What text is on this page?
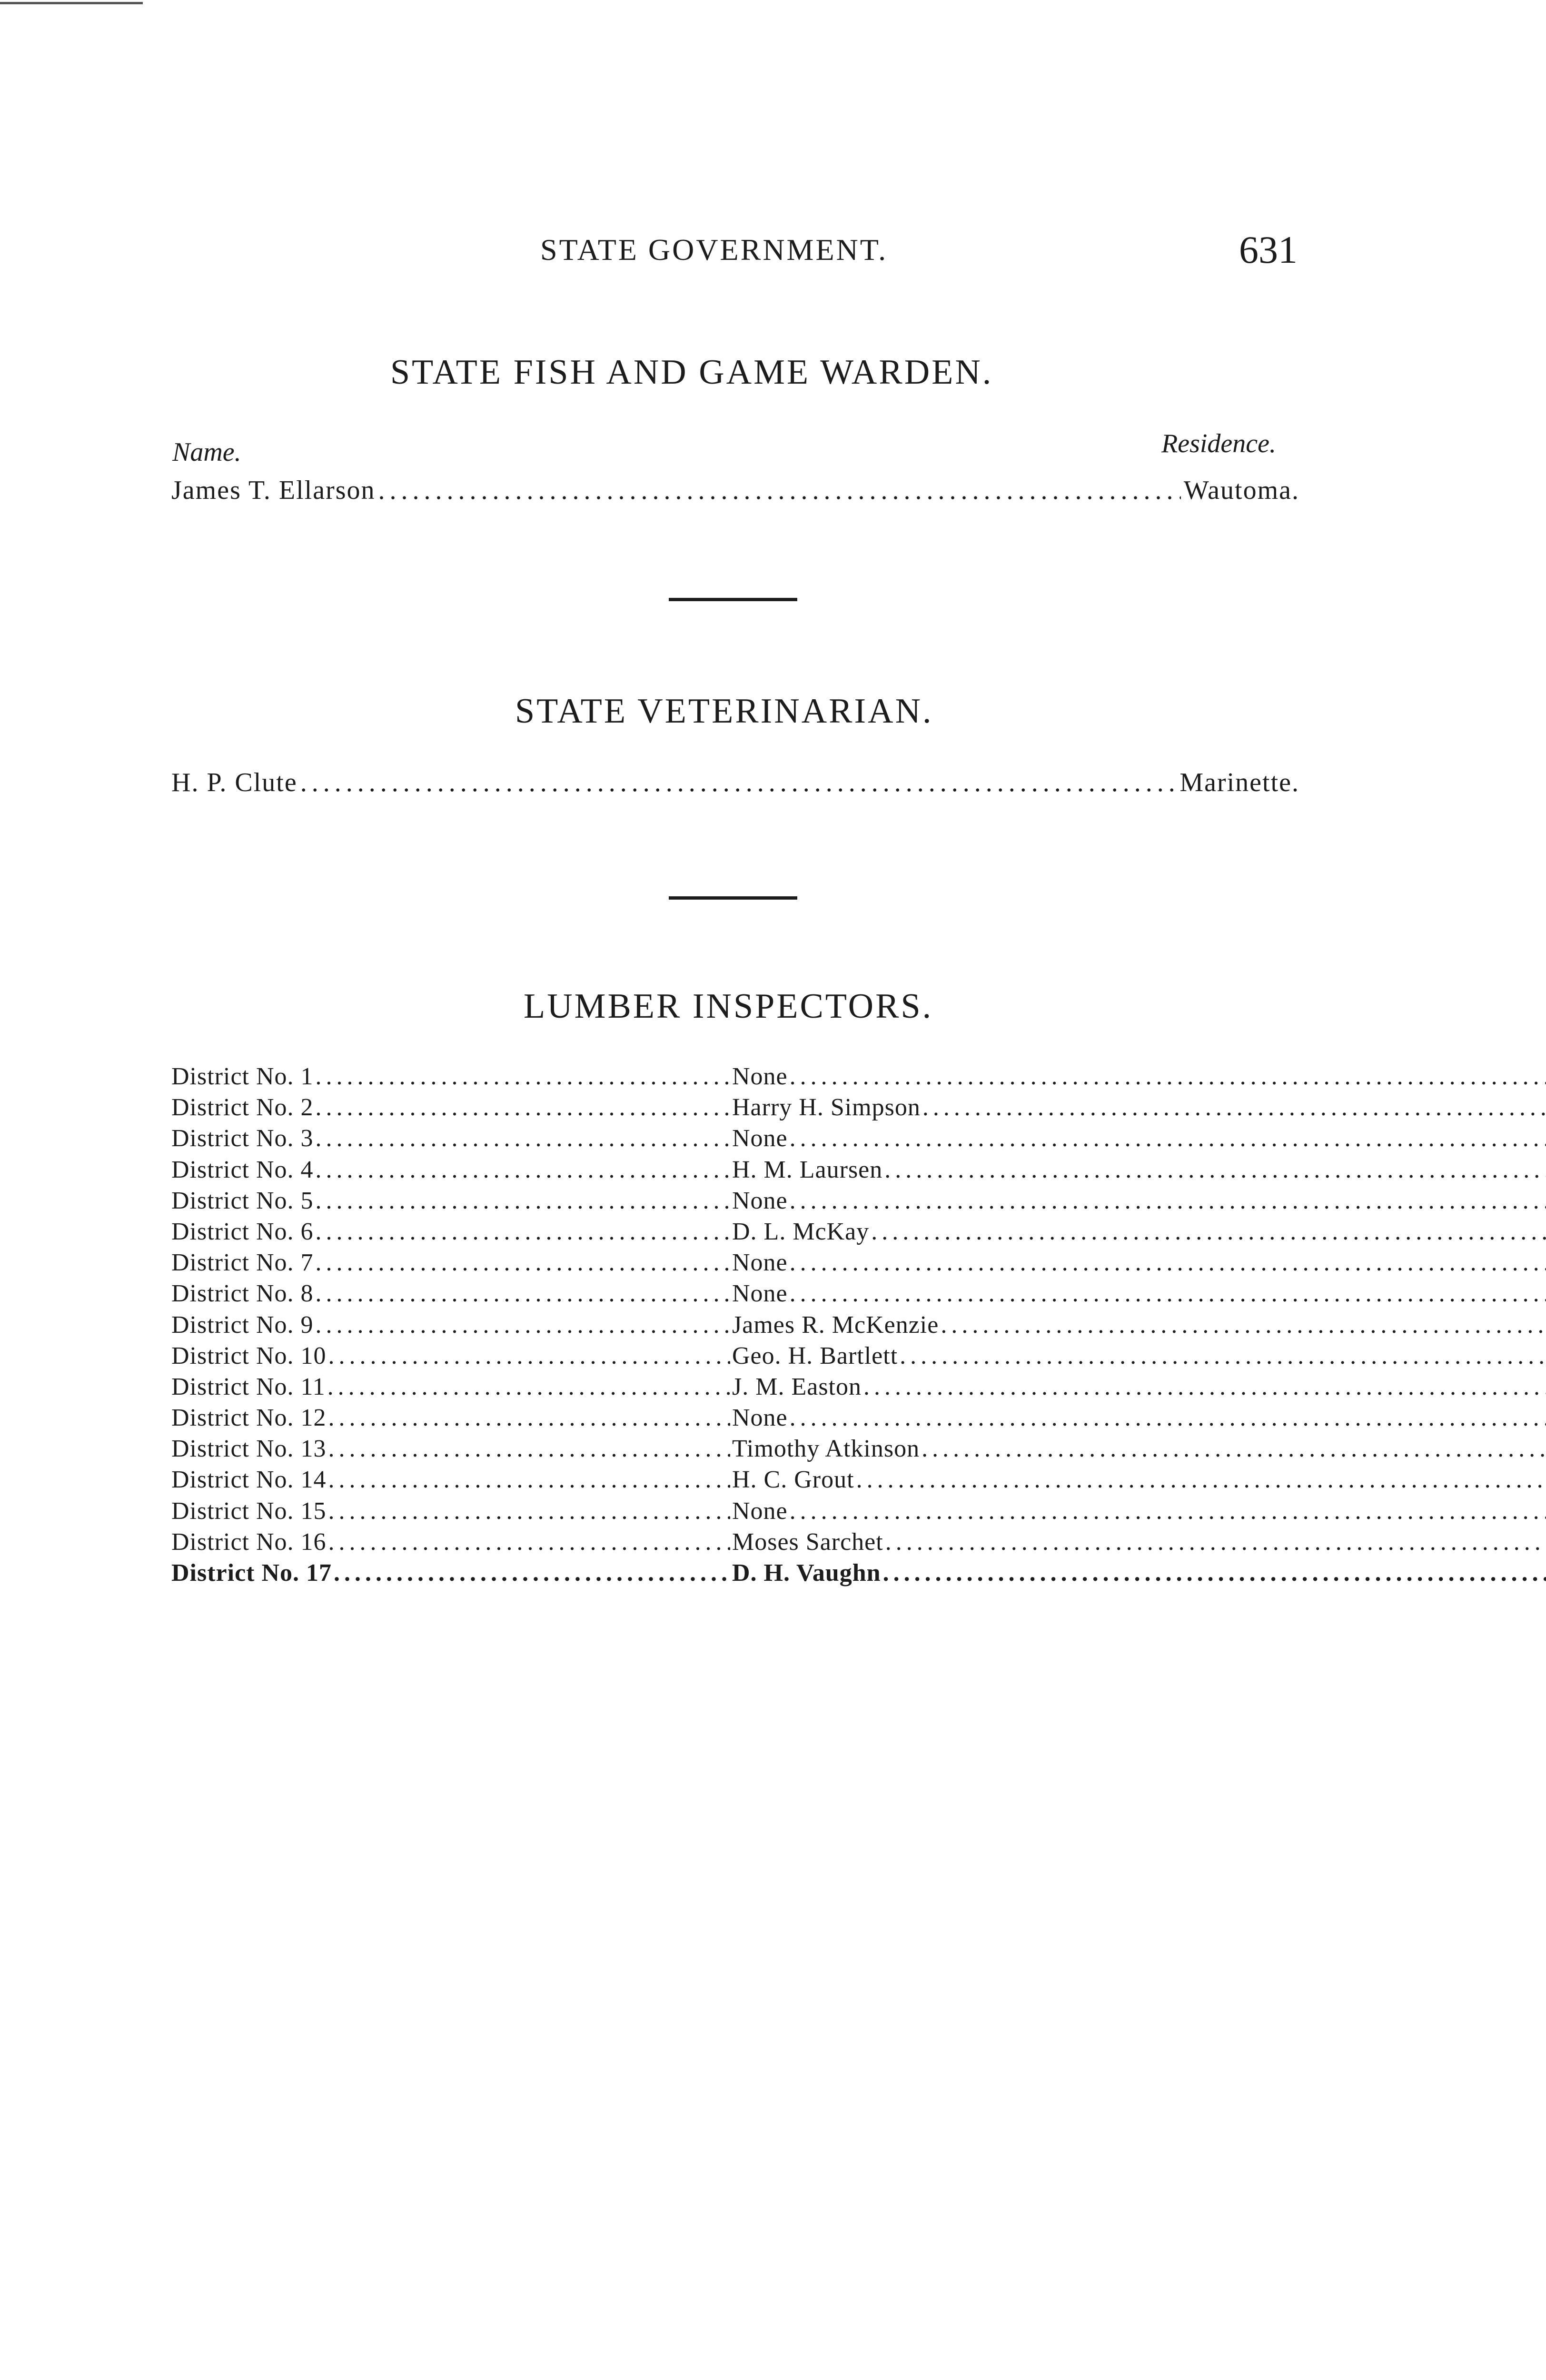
STATE GOVERNMENT.	631
STATE FISH AND GAME WARDEN.
Name.	Residence.
James T. Ellarson .....	Wautoma.
STATE VETERINARIAN.
H. P. Clute .....	Marinette.
LUMBER INSPECTORS.
District No. 1 .....	None
.....
District No. 2 .....	Harry H. Simpson
.....
District No. 3 .....	None
.....
District No. 4 .....	H. M. Laursen
.....
District No. 5 .....	None
.....
District No. 6 .....	D. L. McKay
.....
District No. 7 .....	None
.....
District No. 8 .....	None
.....
District No. 9 .....	James R. McKenzie
.....
District No. 10 .....	Geo. H. Bartlett
.....
District No. 11 .....	J. M. Easton
.....
District No. 12 .....	None
.....
District No. 13 .....	Timothy Atkinson
.....
District No. 14 .....	H. C. Grout
.....
District No. 15 .....	None
.....
District No. 16 .....	Moses Sarchet
.....
District No. 17 .....	D. H. Vaughn
.....
